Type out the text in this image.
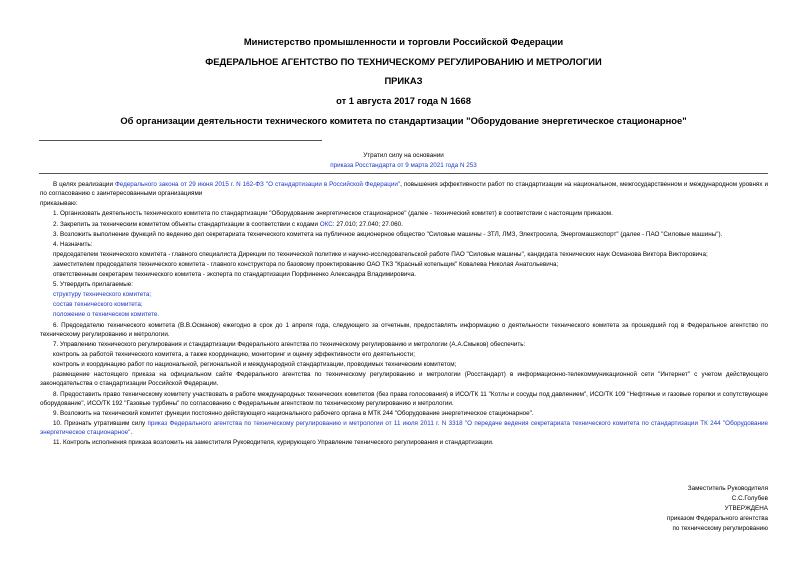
Министерство промышленности и торговли Российской Федерации
ФЕДЕРАЛЬНОЕ АГЕНТСТВО ПО ТЕХНИЧЕСКОМУ РЕГУЛИРОВАНИЮ И МЕТРОЛОГИИ
ПРИКАЗ
от 1 августа 2017 года N 1668
Об организации деятельности технического комитета по стандартизации "Оборудование энергетическое стационарное"
Утратил силу на основании
приказа Росстандарта от 9 марта 2021 года N 253

В целях реализации Федерального закона от 29 июня 2015 г. N 162-ФЗ "О стандартизации в Российской Федерации", повышения эффективности работ по стандартизации на национальном, межгосударственном и международном уровнях и по согласованию с заинтересованными организациями

приказываю:

1. Организовать деятельность технического комитета по стандартизации "Оборудование энергетическое стационарное" (далее - технический комитет) в соответствии с настоящим приказом.

2. Закрепить за техническим комитетом объекты стандартизации в соответствии с кодами ОКС: 27.010; 27.040; 27.060.

3. Возложить выполнение функций по ведению дел секретариата технического комитета на публичное акционерное общество "Силовые машины - ЗТЛ, ЛМЗ, Электросила, Энергомашэкспорт" (далее - ПАО "Силовые машины").

4. Назначить:

председателем технического комитета - главного специалиста Дирекции по технической политике и научно-исследовательской работе ПАО "Силовые машины", кандидата технических наук Османова Виктора Викторовича;

заместителем председателя технического комитета - главного конструктора по базовому проектированию ОАО ТКЗ "Красный котельщик" Ковалева Николая Анатольевича;

ответственным секретарем технического комитета - эксперта по стандартизации Порфиненко Александра Владимировича.

5. Утвердить прилагаемые:

структуру технического комитета;

состав технического комитета;

положение о техническом комитете.

6. Председателю технического комитета (В.В.Османов) ежегодно в срок до 1 апреля года, следующего за отчетным, предоставлять информацию о деятельности технического комитета за прошедший год в Федеральное агентство по техническому регулированию и метрологии.

7. Управлению технического регулирования и стандартизации Федерального агентства по техническому регулированию и метрологии (А.А.Смыков) обеспечить:

контроль за работой технического комитета, а также координацию, мониторинг и оценку эффективности его деятельности;

контроль и координацию работ по национальной, региональной и международной стандартизации, проводимых техническим комитетом;

размещение настоящего приказа на официальном сайте Федерального агентства по техническому регулированию и метрологии (Росстандарт) в информационно-телекоммуникационной сети "Интернет" с учетом действующего законодательства о стандартизации Российской Федерации.

8. Предоставить право техническому комитету участвовать в работе международных технических комитетов (без права голосования) в ИСО/ТК 11 "Котлы и сосуды под давлением", ИСО/ТК 109 "Нефтяные и газовые горелки и сопутствующее оборудование", ИСО/ТК 192 "Газовые турбины" по согласованию с Федеральным агентством по техническому регулированию и метрологии.

9. Возложить на технический комитет функции постоянно действующего национального рабочего органа в МТК 244 "Оборудование энергетическое стационарное".

10. Признать утратившим силу приказ Федерального агентства по техническому регулированию и метрологии от 11 июля 2011 г. N 3318 "О передаче ведения секретариата технического комитета по стандартизации ТК 244 "Оборудование энергетическое стационарное".

11. Контроль исполнения приказа возложить на заместителя Руководителя, курирующего Управление технического регулирования и стандартизации.

Заместитель Руководителя
С.С.Голубев
УТВЕРЖДЕНА
приказом Федерального агентства
по техническому регулированию
